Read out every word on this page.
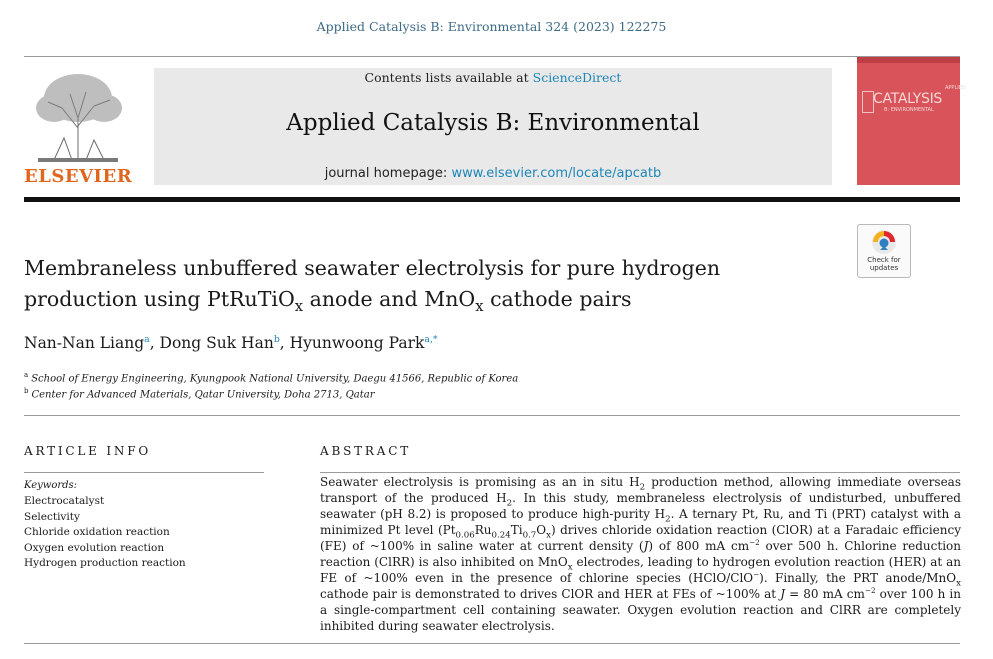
Applied Catalysis B: Environmental 324 (2023) 122275
ELSEVIER
Contents lists available at ScienceDirect
Applied Catalysis B: Environmental
journal homepage: www.elsevier.com/locate/apcatb
APPLIED
CATALYSIS
B: ENVIRONMENTAL
Check for
updates
Membraneless unbuffered seawater electrolysis for pure hydrogen
production using PtRuTiO$_x$ anode and MnO$_x$ cathode pairs
Nan-Nan Liang$^a$, Dong Suk Han$^b$, Hyunwoong Park$^{a,*}$
$^a$ School of Energy Engineering, Kyungpook National University, Daegu 41566, Republic of Korea
$^b$ Center for Advanced Materials, Qatar University, Doha 2713, Qatar
ARTICLE INFO	ABSTRACT
Keywords:
Electrocatalyst
Selectivity
Chloride oxidation reaction
Oxygen evolution reaction
Hydrogen production reaction

Seawater electrolysis is promising as an in situ $H_2$ production method, allowing immediate overseas transport of the produced $H_2$. In this study, membraneless electrolysis of undisturbed, unbuffered seawater (pH 8.2) is proposed to produce high-purity $H_2$. A ternary Pt, Ru, and Ti (PRT) catalyst with a minimized Pt level $(Pt_{0.06}Ru_{0.24}Ti_{0.7}O_x)$ drives chloride oxidation reaction (ClOR) at a Faradaic efficiency (FE) of ~100% in saline water at current density (J) of 800 mA $cm^{-2}$ over 500 h. Chlorine reduction reaction (ClRR) is also inhibited on MnO$_x$ electrodes, leading to hydrogen evolution reaction (HER) at an FE of ~100% even in the presence of chlorine species (HClO/ClO−). Finally, the PRT anode/MnO$_x$ cathode pair is demonstrated to drives ClOR and HER at FEs of ~100% at J = 80 mA $cm^{-2}$ over 100 h in a single-compartment cell containing seawater. Oxygen evolution reaction and ClRR are completely inhibited during seawater electrolysis.
